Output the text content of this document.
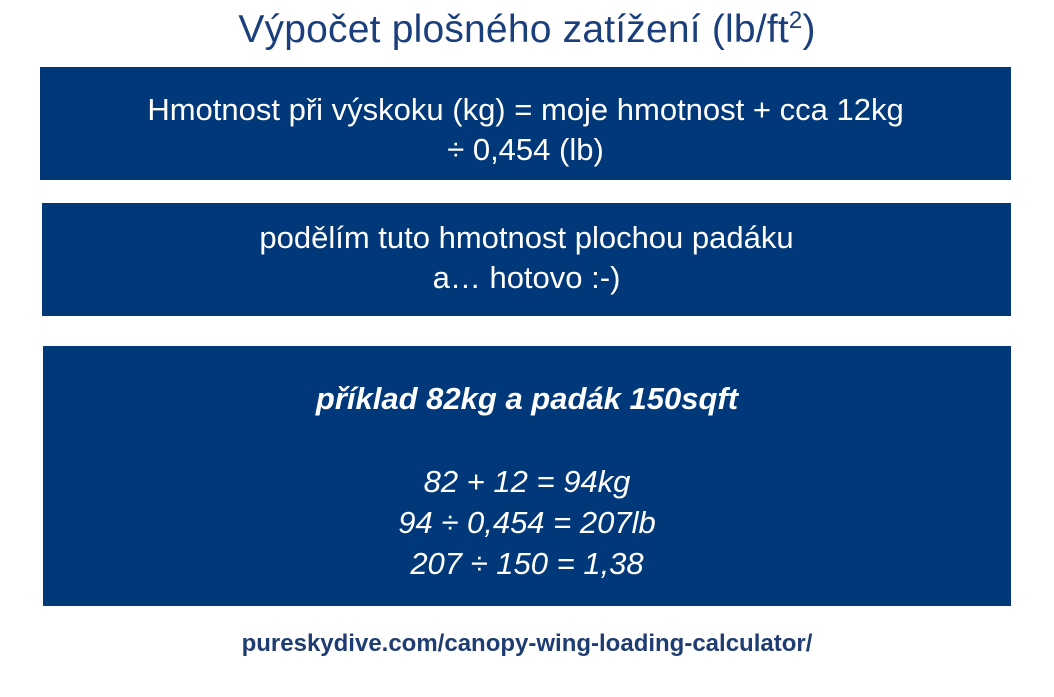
Výpočet plošného zatížení $(lb/ft^2)$
Hmotnost při výskoku (kg) = moje hmotnost + cca 12kg
÷ 0,454 (lb)
podělím tuto hmotnost plochou padáku
a… hotovo :-)
příklad 82kg a padák 150sqft
82 + 12 = 94kg
94 ÷ 0,454 = 207lb
207 ÷ 150 = 1,38
pureskydive.com/canopy-wing-loading-calculator/
